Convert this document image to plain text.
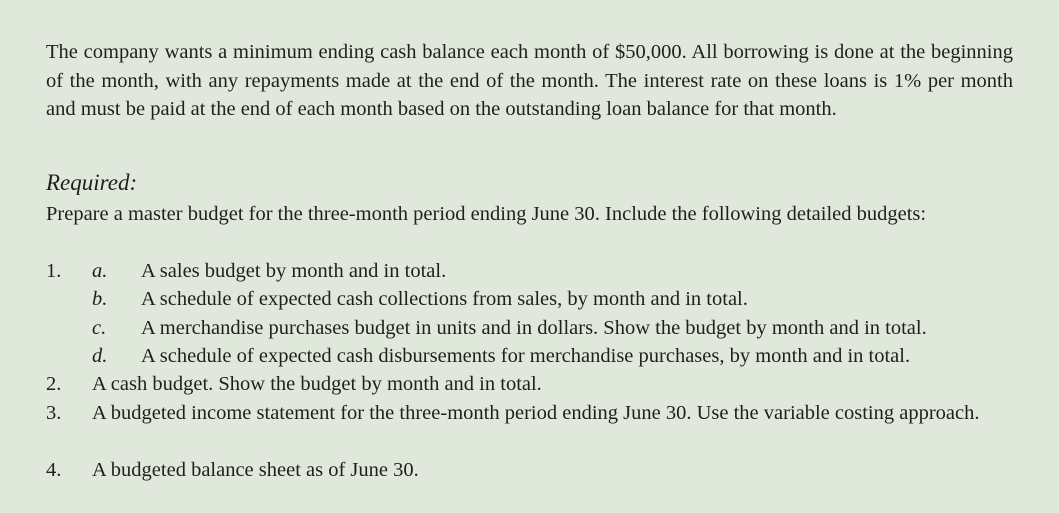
The company wants a minimum ending cash balance each month of $50,000. All borrowing is done at the beginning of the month, with any repayments made at the end of the month. The interest rate on these loans is 1% per month and must be paid at the end of each month based on the outstanding loan balance for that month.

Required:

Prepare a master budget for the three-month period ending June 30. Include the following detailed budgets:

1. a. A sales budget by month and in total.
b. A schedule of expected cash collections from sales, by month and in total.
c. A merchandise purchases budget in units and in dollars. Show the budget by month and in total.
d. A schedule of expected cash disbursements for merchandise purchases, by month and in total.
2. A cash budget. Show the budget by month and in total.
3. A budgeted income statement for the three-month period ending June 30. Use the variable costing approach.
4. A budgeted balance sheet as of June 30.
